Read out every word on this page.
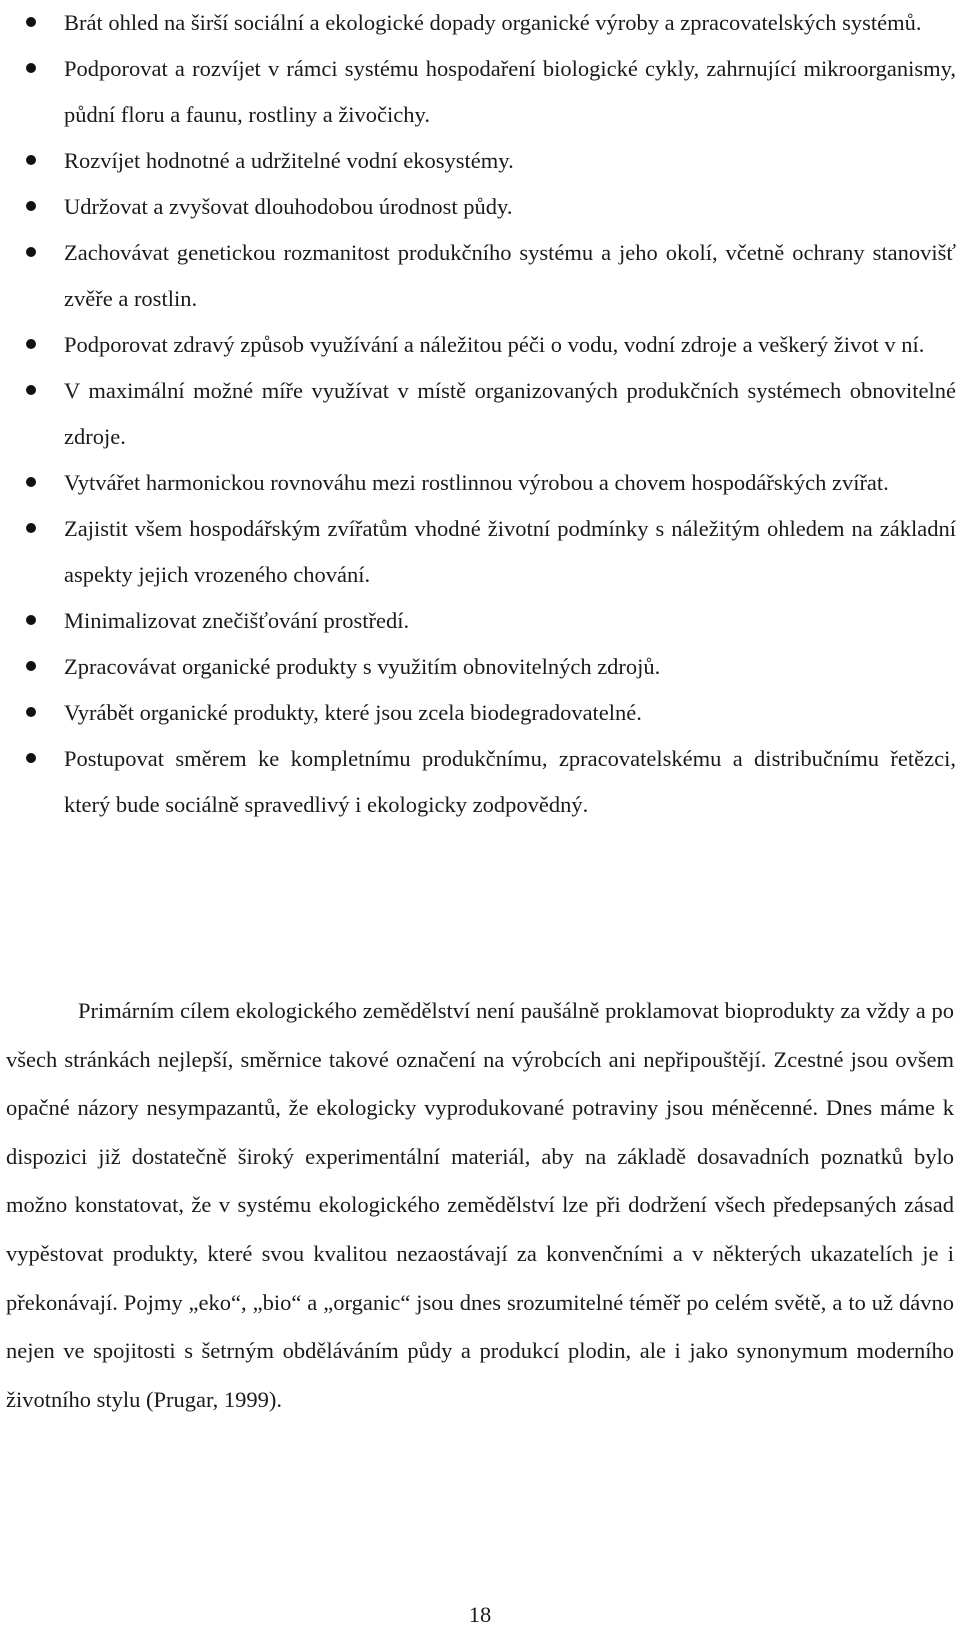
Brát ohled na širší sociální a ekologické dopady organické výroby a zpracovatelských systémů.
Podporovat a rozvíjet v rámci systému hospodaření biologické cykly, zahrnující mikroorganismy, půdní floru a faunu, rostliny a živočichy.
Rozvíjet hodnotné a udržitelné vodní ekosystémy.
Udržovat a zvyšovat dlouhodobou úrodnost půdy.
Zachovávat genetickou rozmanitost produkčního systému a jeho okolí, včetně ochrany stanovišť zvěře a rostlin.
Podporovat zdravý způsob využívání a náležitou péči o vodu, vodní zdroje a veškerý život v ní.
V maximální možné míře využívat v místě organizovaných produkčních systémech obnovitelné zdroje.
Vytvářet harmonickou rovnováhu mezi rostlinnou výrobou a chovem hospodářských zvířat.
Zajistit všem hospodářským zvířatům vhodné životní podmínky s náležitým ohledem na základní aspekty jejich vrozeného chování.
Minimalizovat znečišťování prostředí.
Zpracovávat organické produkty s využitím obnovitelných zdrojů.
Vyrábět organické produkty, které jsou zcela biodegradovatelné.
Postupovat směrem ke kompletnímu produkčnímu, zpracovatelskému a distribučnímu řetězci, který bude sociálně spravedlivý i ekologicky zodpovědný.

Primárním cílem ekologického zemědělství není paušálně proklamovat bioprodukty za vždy a po všech stránkách nejlepší, směrnice takové označení na výrobcích ani nepřipouštějí. Zcestné jsou ovšem opačné názory nesympazantů, že ekologicky vyprodukované potraviny jsou méněcenné. Dnes máme k dispozici již dostatečně široký experimentální materiál, aby na základě dosavadních poznatků bylo možno konstatovat, že v systému ekologického zemědělství lze při dodržení všech předepsaných zásad vypěstovat produkty, které svou kvalitou nezaostávají za konvenčními a v některých ukazatelích je i překonávají. Pojmy „eko“, „bio“ a „organic“ jsou dnes srozumitelné téměř po celém světě, a to už dávno nejen ve spojitosti s šetrným obděláváním půdy a produkcí plodin, ale i jako synonymum moderního životního stylu (Prugar, 1999).

18
